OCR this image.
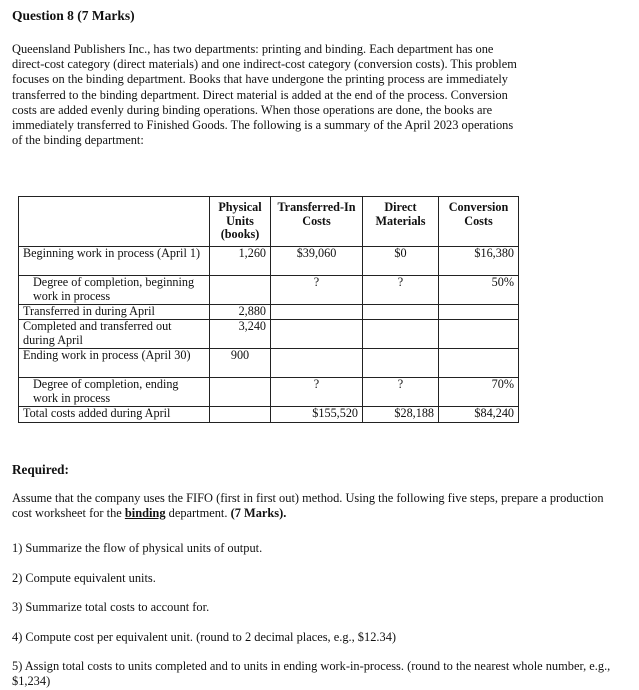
Question 8 (7 Marks)

Queensland Publishers Inc., has two departments: printing and binding. Each department has one direct-cost category (direct materials) and one indirect-cost category (conversion costs). This problem focuses on the binding department. Books that have undergone the printing process are immediately transferred to the binding department. Direct material is added at the end of the process. Conversion costs are added evenly during binding operations. When those operations are done, the books are immediately transferred to Finished Goods. The following is a summary of the April 2023 operations of the binding department:

	Physical Units (books)	Transferred-In Costs	Direct Materials	Conversion Costs
Beginning work in process (April 1)	1,260	$39,060	$0	$16,380
Degree of completion, beginning work in process		?	?	50%
Transferred in during April	2,880			
Completed and transferred out during April	3,240			
Ending work in process (April 30)	900			
Degree of completion, ending work in process		?	?	70%
Total costs added during April		$155,520	$28,188	$84,240
Required:
Assume that the company uses the FIFO (first in first out) method. Using the following five steps, prepare a production cost worksheet for the binding department. (7 Marks).
1) Summarize the flow of physical units of output.
2) Compute equivalent units.
3) Summarize total costs to account for.
4) Compute cost per equivalent unit. (round to 2 decimal places, e.g., $12.34)
5) Assign total costs to units completed and to units in ending work-in-process. (round to the nearest whole number, e.g., $1,234)
